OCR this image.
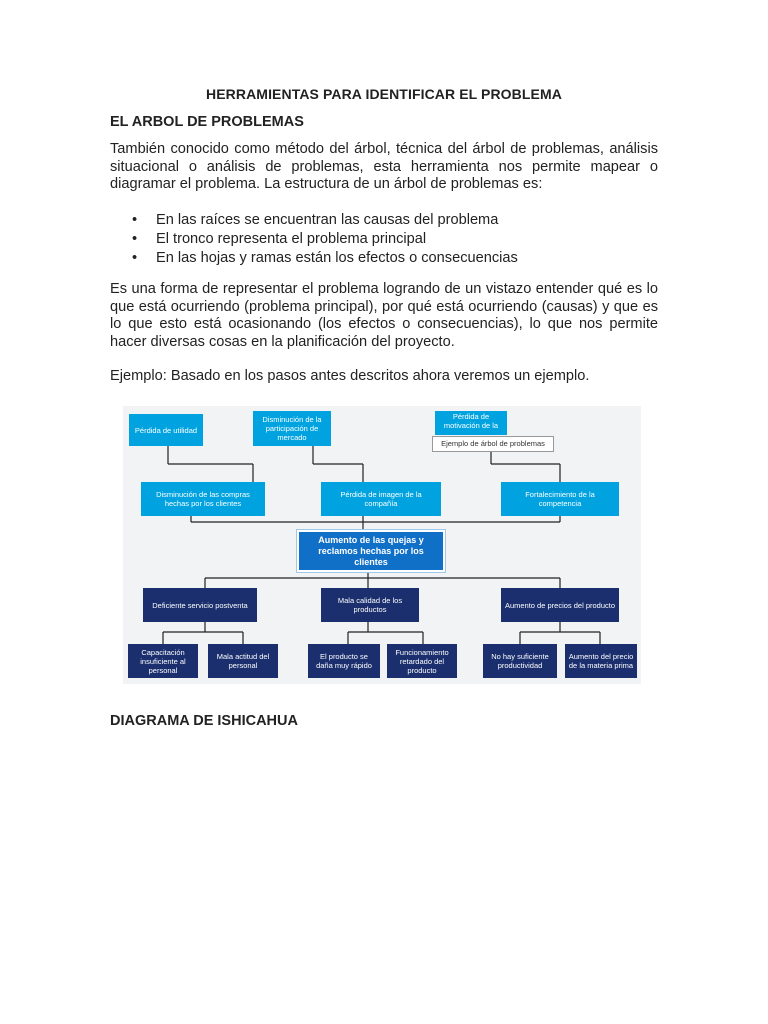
HERRAMIENTAS PARA IDENTIFICAR EL PROBLEMA
EL ARBOL DE PROBLEMAS
También conocido como método del árbol, técnica del árbol de problemas, análisis situacional o análisis de problemas, esta herramienta nos permite mapear o diagramar el problema. La estructura de un árbol de problemas es:
• En las raíces se encuentran las causas del problema
• El tronco representa el problema principal
• En las hojas y ramas están los efectos o consecuencias
Es una forma de representar el problema logrando de un vistazo entender qué es lo que está ocurriendo (problema principal), por qué está ocurriendo (causas) y que es lo que esto está ocasionando (los efectos o consecuencias), lo que nos permite hacer diversas cosas en la planificación del proyecto.
Ejemplo: Basado en los pasos antes descritos ahora veremos un ejemplo.
DIAGRAMA DE ISHICAHUA
Pérdida de utilidad
Disminución de la participación de mercado
Pérdida de motivación de la
Ejemplo de árbol de problemas
Disminución de las compras hechas por los clientes
Pérdida de imagen de la compañía
Fortalecimiento de la competencia
Aumento de las quejas y reclamos hechas por los clientes
Deficiente servicio postventa	Mala calidad de los productos	Aumento de precios del producto
Capacitación insuficiente al personal
Mala actitud del personal
El producto se daña muy rápido
Funcionamiento retardado del producto
No hay suficiente productividad
Aumento del precio de la materia prima
